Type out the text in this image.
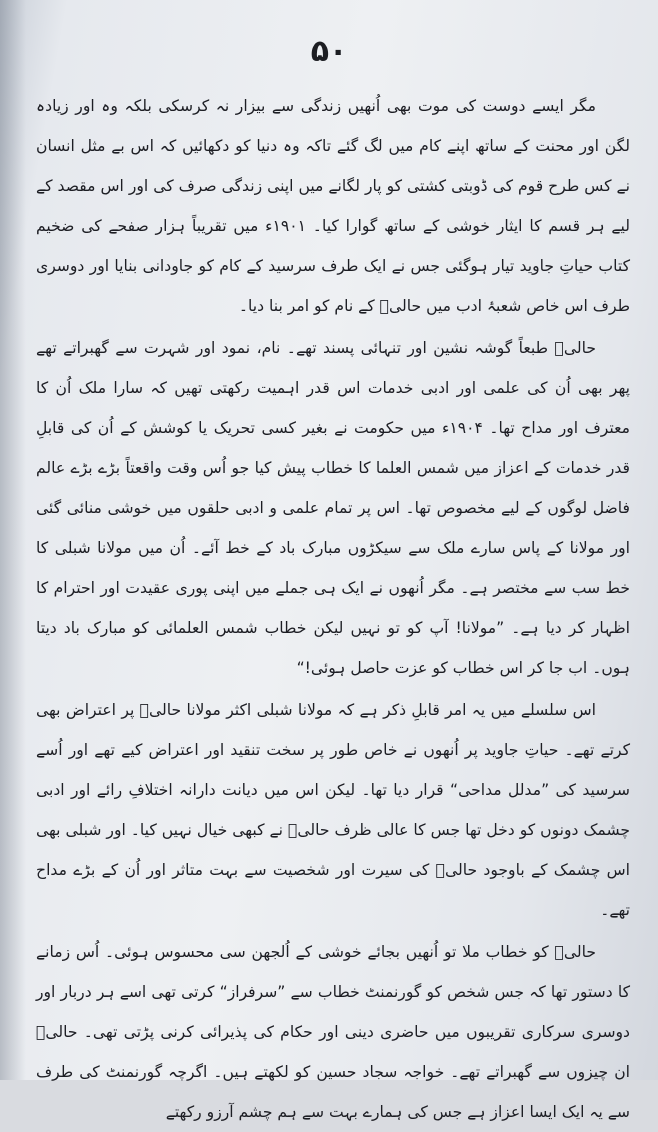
۵۰

مگر ایسے دوست کی موت بھی اُنھیں زندگی سے بیزار نہ کرسکی بلکہ وہ اور زیادہ لگن اور محنت کے ساتھ اپنے کام میں لگ گئے تاکہ وہ دنیا کو دکھائیں کہ اس بے مثل انسان نے کس طرح قوم کی ڈوبتی کشتی کو پار لگانے میں اپنی زندگی صرف کی اور اس مقصد کے لیے ہر قسم کا ایثار خوشی کے ساتھ گوارا کیا۔ ۱۹۰۱ء میں تقریباً ہزار صفحے کی ضخیم کتاب حیاتِ جاوید تیار ہوگئی جس نے ایک طرف سرسید کے کام کو جاودانی بنایا اور دوسری طرف اس خاص شعبۂ ادب میں حالیؔ کے نام کو امر بنا دیا۔

حالیؔ طبعاً گوشہ نشین اور تنہائی پسند تھے۔ نام، نمود اور شہرت سے گھبراتے تھے پھر بھی اُن کی علمی اور ادبی خدمات اس قدر اہمیت رکھتی تھیں کہ سارا ملک اُن کا معترف اور مداح تھا۔ ۱۹۰۴ء میں حکومت نے بغیر کسی تحریک یا کوشش کے اُن کی قابلِ قدر خدمات کے اعزاز میں شمس العلما کا خطاب پیش کیا جو اُس وقت واقعتاً بڑے بڑے عالم فاضل لوگوں کے لیے مخصوص تھا۔ اس پر تمام علمی و ادبی حلقوں میں خوشی منائی گئی اور مولانا کے پاس سارے ملک سے سیکڑوں مبارک باد کے خط آئے۔ اُن میں مولانا شبلی کا خط سب سے مختصر ہے۔ مگر اُنھوں نے ایک ہی جملے میں اپنی پوری عقیدت اور احترام کا اظہار کر دیا ہے۔ ”مولانا! آپ کو تو نہیں لیکن خطاب شمس العلمائی کو مبارک باد دیتا ہوں۔ اب جا کر اس خطاب کو عزت حاصل ہوئی!“

اس سلسلے میں یہ امر قابلِ ذکر ہے کہ مولانا شبلی اکثر مولانا حالیؔ پر اعتراض بھی کرتے تھے۔ حیاتِ جاوید پر اُنھوں نے خاص طور پر سخت تنقید اور اعتراض کیے تھے اور اُسے سرسید کی ”مدلل مداحی“ قرار دیا تھا۔ لیکن اس میں دیانت دارانہ اختلافِ رائے اور ادبی چشمک دونوں کو دخل تھا جس کا عالی ظرف حالیؔ نے کبھی خیال نہیں کیا۔ اور شبلی بھی اس چشمک کے باوجود حالیؔ کی سیرت اور شخصیت سے بہت متاثر اور اُن کے بڑے مداح تھے۔

حالیؔ کو خطاب ملا تو اُنھیں بجائے خوشی کے اُلجھن سی محسوس ہوئی۔ اُس زمانے کا دستور تھا کہ جس شخص کو گورنمنٹ خطاب سے ”سرفراز“ کرتی تھی اسے ہر دربار اور دوسری سرکاری تقریبوں میں حاضری دینی اور حکام کی پذیرائی کرنی پڑتی تھی۔ حالیؔ ان چیزوں سے گھبراتے تھے۔ خواجہ سجاد حسین کو لکھتے ہیں۔ اگرچہ گورنمنٹ کی طرف سے یہ ایک ایسا اعزاز ہے جس کی ہمارے بہت سے ہم چشم آرزو رکھتے
